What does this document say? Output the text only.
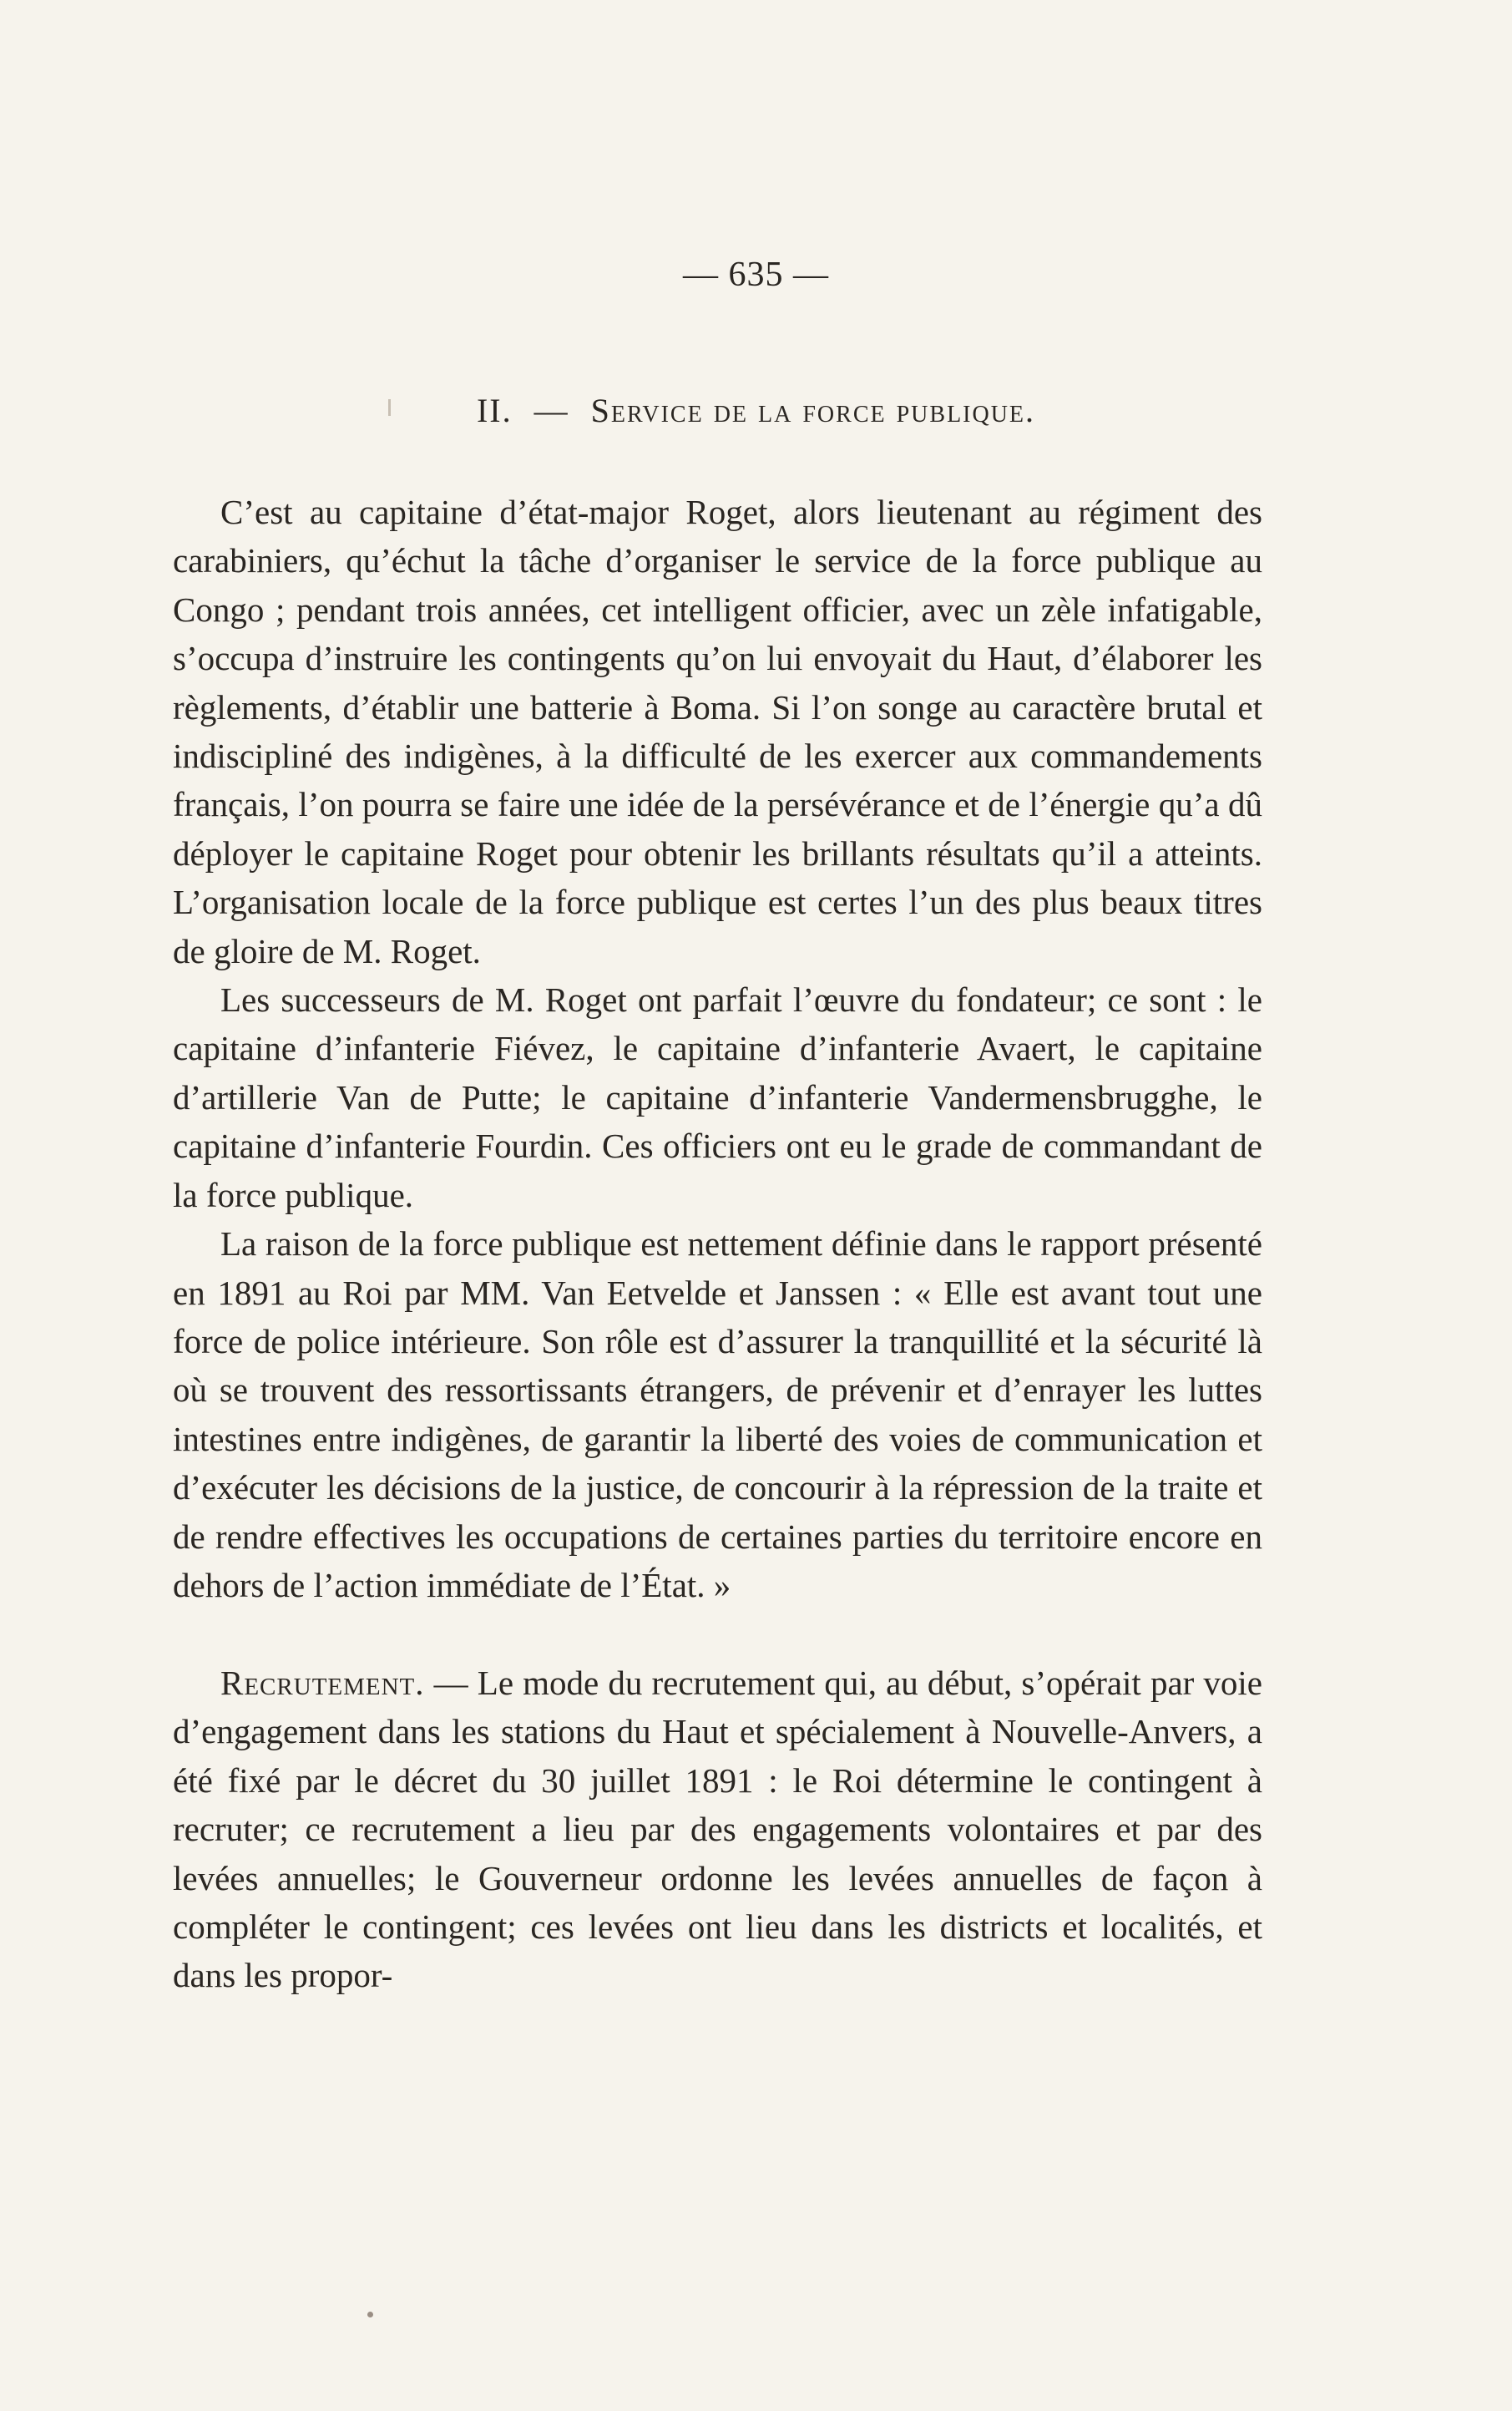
— 635 —
II. — Service de la force publique.

C’est au capitaine d’état-major Roget, alors lieutenant au régiment des carabiniers, qu’échut la tâche d’organiser le service de la force publique au Congo ; pendant trois années, cet intelligent officier, avec un zèle infatigable, s’occupa d’instruire les contingents qu’on lui envoyait du Haut, d’élaborer les règlements, d’établir une batterie à Boma. Si l’on songe au caractère brutal et indiscipliné des indigènes, à la difficulté de les exercer aux commandements français, l’on pourra se faire une idée de la persévérance et de l’énergie qu’a dû déployer le capitaine Roget pour obtenir les brillants résultats qu’il a atteints. L’organisation locale de la force publique est certes l’un des plus beaux titres de gloire de M. Roget.

Les successeurs de M. Roget ont parfait l’œuvre du fondateur; ce sont : le capitaine d’infanterie Fiévez, le capitaine d’infanterie Avaert, le capitaine d’artillerie Van de Putte; le capitaine d’infanterie Vandermensbrugghe, le capitaine d’infanterie Fourdin. Ces officiers ont eu le grade de commandant de la force publique.

La raison de la force publique est nettement définie dans le rapport présenté en 1891 au Roi par MM. Van Eetvelde et Janssen : « Elle est avant tout une force de police intérieure. Son rôle est d’assurer la tranquillité et la sécurité là où se trouvent des ressortissants étrangers, de prévenir et d’enrayer les luttes intestines entre indigènes, de garantir la liberté des voies de communication et d’exécuter les décisions de la justice, de concourir à la répression de la traite et de rendre effectives les occupations de certaines parties du territoire encore en dehors de l’action immédiate de l’État. »

Recrutement. — Le mode du recrutement qui, au début, s’opérait par voie d’engagement dans les stations du Haut et spécialement à Nouvelle-Anvers, a été fixé par le décret du 30 juillet 1891 : le Roi détermine le contingent à recruter; ce recrutement a lieu par des engagements volontaires et par des levées annuelles; le Gouverneur ordonne les levées annuelles de façon à compléter le contingent; ces levées ont lieu dans les districts et localités, et dans les propor-
